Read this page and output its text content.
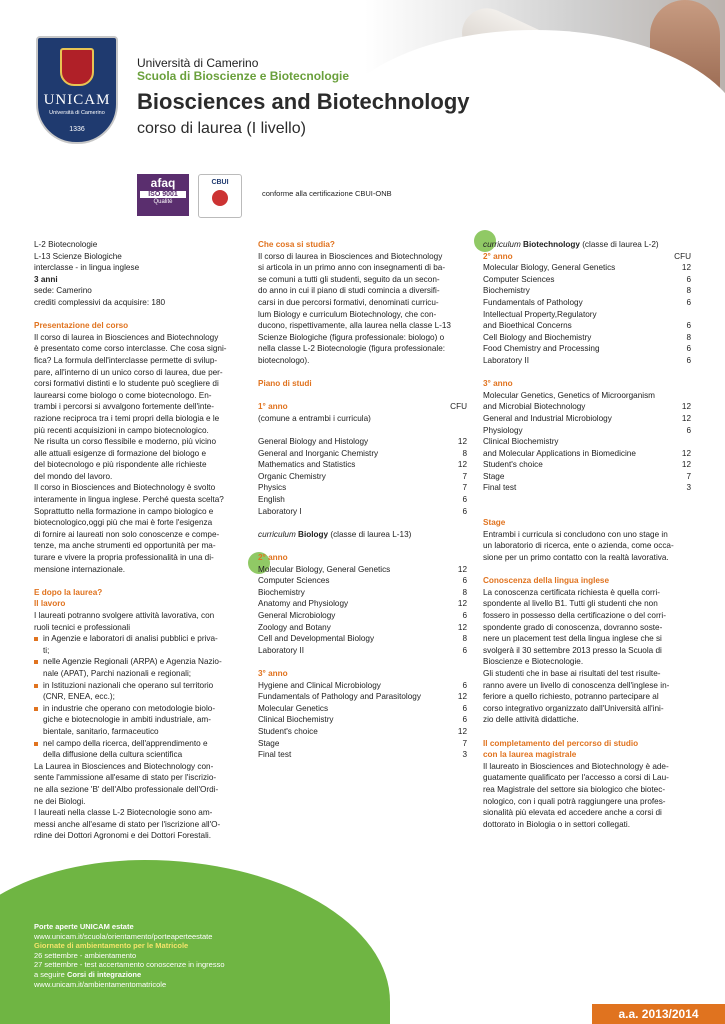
UNICAM
Università di Camerino
1336
Università di Camerino
Scuola di Bioscienze e Biotecnologie
Biosciences and Biotechnology
corso di laurea (I livello)
afaq
ISO 9001
Qualité
CBUI
conforme alla certificazione CBUI-ONB
L-2 Biotecnologie
L-13 Scienze Biologiche
interclasse - in lingua inglese
3 anni
sede: Camerino
crediti complessivi da acquisire: 180
Presentazione del corso
Il corso di laurea in Biosciences and Biotechnology
è presentato come corso interclasse. Che cosa signi-
fica? La formula dell'interclasse permette di svilup-
pare, all'interno di un unico corso di laurea, due per-
corsi formativi distinti e lo studente può scegliere di
laurearsi come biologo o come biotecnologo. En-
trambi i percorsi si avvalgono fortemente dell'inte-
razione reciproca tra i temi propri della biologia e le
più recenti acquisizioni in campo biotecnologico.
Ne risulta un corso flessibile e moderno, più vicino
alle attuali esigenze di formazione del biologo e
del biotecnologo e più rispondente alle richieste
del mondo del lavoro.
Il corso in Biosciences and Biotechnology è svolto
interamente in lingua inglese. Perché questa scelta?
Soprattutto nella formazione in campo biologico e
biotecnologico,oggi più che mai è forte l'esigenza
di fornire ai laureati non solo conoscenze e compe-
tenze, ma anche strumenti ed opportunità per ma-
turare e vivere la propria professionalità in una di-
mensione internazionale.
E dopo la laurea?
Il lavoro
I laureati potranno svolgere attività lavorativa, con
ruoli tecnici e professionali
in Agenzie e laboratori di analisi pubblici e priva-
ti;
nelle Agenzie Regionali (ARPA) e Agenzia Nazio-
nale (APAT), Parchi nazionali e regionali;
in Istituzioni nazionali che operano sul territorio
(CNR, ENEA, ecc.);
in industrie che operano con metodologie biolo-
giche e biotecnologie in ambiti industriale, am-
bientale, sanitario, farmaceutico
nel campo della ricerca, dell'apprendimento e
della diffusione della cultura scientifica
La Laurea in Biosciences and Biotechnology con-
sente l'ammissione all'esame di stato per l'iscrizio-
ne alla sezione 'B' dell'Albo professionale dell'Ordi-
ne dei Biologi.
I laureati nella classe L-2 Biotecnologie sono am-
messi anche all'esame di stato per l'iscrizione all'O-
rdine dei Dottori Agronomi e dei Dottori Forestali.
Che cosa si studia?
Il corso di laurea in Biosciences and Biotechnology
si articola in un primo anno con insegnamenti di ba-
se comuni a tutti gli studenti, seguito da un secon-
do anno in cui il piano di studi comincia a diversifi-
carsi in due percorsi formativi, denominati curricu-
lum Biology e curriculum Biotechnology, che con-
ducono, rispettivamente, alla laurea nella classe L-13
Scienze Biologiche (figura professionale: biologo) o
nella classe L-2 Biotecnologie (figura professionale:
biotecnologo).
Piano di studi
1° anno	CFU
(comune a entrambi i curricula)
General Biology and Histology	12
General and Inorganic Chemistry	8
Mathematics and Statistics	12
Organic Chemistry	7
Physics	7
English	6
Laboratory I	6
curriculum Biology (classe di laurea L-13)
2° anno
Molecular Biology, General Genetics	12
Computer Sciences	6
Biochemistry	8
Anatomy and Physiology	12
General Microbiology	6
Zoology and Botany	12
Cell and Developmental Biology	8
Laboratory II	6
3° anno
Hygiene and Clinical Microbiology	6
Fundamentals of Pathology and Parasitology	12
Molecular Genetics	6
Clinical Biochemistry	6
Student's choice	12
Stage	7
Final test	3
curriculum Biotechnology (classe di laurea L-2)
2° anno	CFU
Molecular Biology, General Genetics	12
Computer Sciences	6
Biochemistry	8
Fundamentals of Pathology	6
Intellectual Property,Regulatory
and Bioethical Concerns	6
Cell Biology and Biochemistry	8
Food Chemistry and Processing	6
Laboratory II	6
3° anno
Molecular Genetics, Genetics of Microorganism
and Microbial Biotechnology	12
General and Industrial Microbiology	12
Physiology	6
Clinical Biochemistry
and Molecular Applications in Biomedicine	12
Student's choice	12
Stage	7
Final test	3
Stage
Entrambi i curricula si concludono con uno stage in
un laboratorio di ricerca, ente o azienda, come occa-
sione per un primo contatto con la realtà lavorativa.
Conoscenza della lingua inglese
La conoscenza certificata richiesta è quella corri-
spondente al livello B1. Tutti gli studenti che non
fossero in possesso della certificazione o del corri-
spondente grado di conoscenza, dovranno soste-
nere un placement test della lingua inglese che si
svolgerà il 30 settembre 2013 presso la Scuola di
Bioscienze e Biotecnologie.
Gli studenti che in base ai risultati del test risulte-
ranno avere un livello di conoscenza dell'inglese in-
feriore a quello richiesto, potranno partecipare al
corso integrativo organizzato dall'Università all'ini-
zio delle attività didattiche.
Il completamento del percorso di studio
con la laurea magistrale
Il laureato in Biosciences and Biotechnology è ade-
guatamente qualificato per l'accesso a corsi di Lau-
rea Magistrale del settore sia biologico che biotec-
nologico, con i quali potrà raggiungere una profes-
sionalità più elevata ed accedere anche a corsi di
dottorato in Biologia o in settori collegati.
Porte aperte UNICAM estate
www.unicam.it/scuola/orientamento/porteaperteestate
Giornate di ambientamento per le Matricole
26 settembre - ambientamento
27 settembre - test accertamento conoscenze in ingresso
a seguire Corsi di integrazione
www.unicam.it/ambientamentomatricole
a.a. 2013/2014
